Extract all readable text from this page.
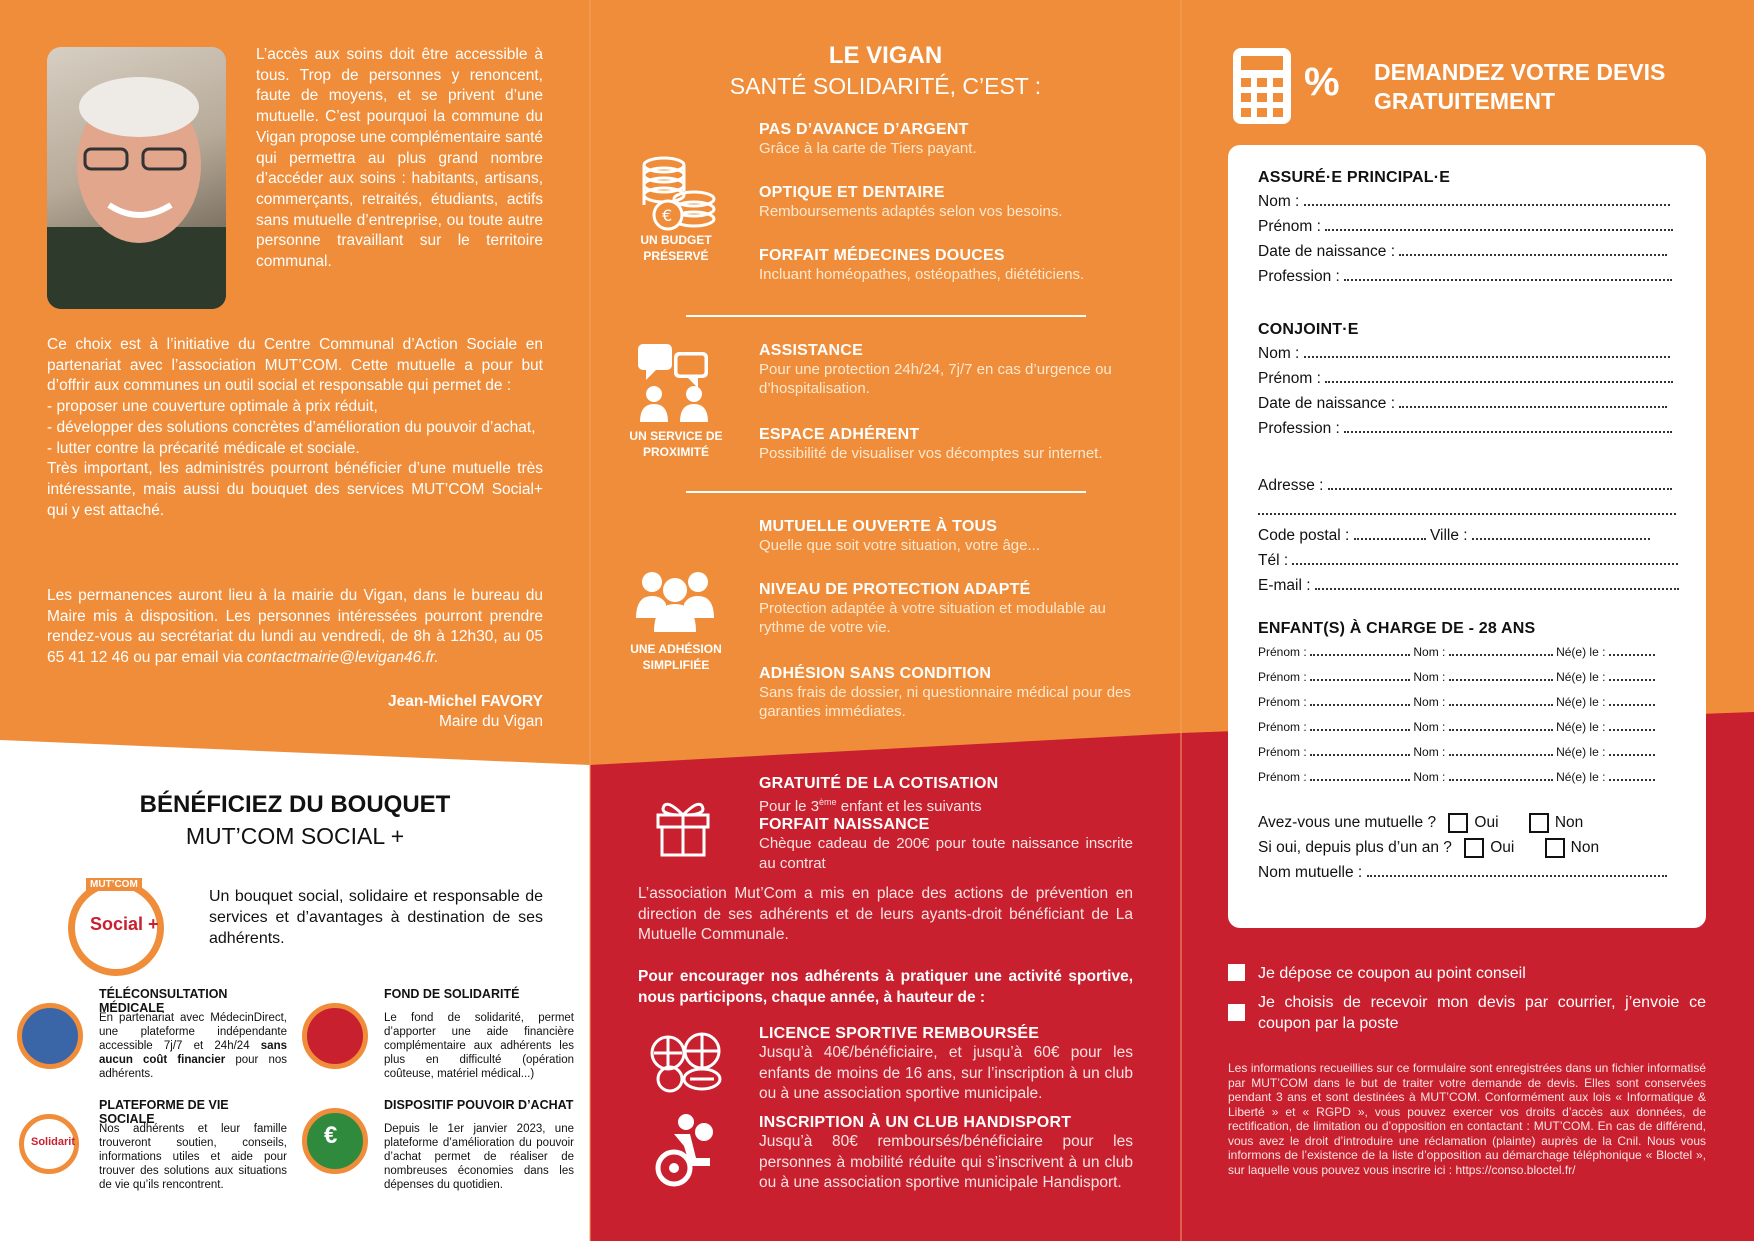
L’accès aux soins doit être accessible à tous. Trop de personnes y renoncent, faute de moyens, et se privent d’une mutuelle. C’est pourquoi la commune du Vigan propose une complémentaire santé qui permettra au plus grand nombre d’accéder aux soins : habitants, artisans, commerçants, retraités, étudiants, actifs sans mutuelle d’entreprise, ou toute autre personne travaillant sur le territoire communal.
Ce choix est à l’initiative du Centre Communal d’Action Sociale en partenariat avec l’association MUT’COM. Cette mutuelle a pour but d’offrir aux communes un outil social et responsable qui permet de :
- proposer une couverture optimale à prix réduit,
- développer des solutions concrètes d’amélioration du pouvoir d’achat,
- lutter contre la précarité médicale et sociale.
Très important, les administrés pourront bénéficier d’une mutuelle très intéressante, mais aussi du bouquet des services MUT’COM Social+ qui y est attaché.
Les permanences auront lieu à la mairie du Vigan, dans le bureau du Maire mis à disposition. Les personnes intéressées pourront prendre rendez-vous au secrétariat du lundi au vendredi, de 8h à 12h30, au 05 65 41 12 46 ou par email via contactmairie@levigan46.fr.
Jean-Michel FAVORY
Maire du Vigan
BÉNÉFICIEZ DU BOUQUET
MUT’COM SOCIAL +
MUT’COM
Social +
Un bouquet social, solidaire et responsable de services et d’avantages à destination de ses adhérents.
TÉLÉCONSULTATION MÉDICALE
En partenariat avec MédecinDirect, une plateforme indépendante accessible 7j/7 et 24h/24 sans aucun coût financier pour nos adhérents.
FOND DE SOLIDARITÉ
Le fond de solidarité, permet d’apporter une aide financière complémentaire aux adhérents les plus en difficulté (opération coûteuse, matériel médical...)
Solidarit
PLATEFORME DE VIE SOCIALE
Nos adhérents et leur famille trouveront soutien, conseils, informations utiles et aide pour trouver des solutions aux situations de vie qu’ils rencontrent.
€
DISPOSITIF POUVOIR D’ACHAT
Depuis le 1er janvier 2023, une plateforme d’amélioration du pouvoir d’achat permet de réaliser de nombreuses économies dans les dépenses du quotidien.
LE VIGAN
SANTÉ SOLIDARITÉ, C’EST :
€
UN BUDGET PRÉSERVÉ
PAS D’AVANCE D’ARGENT
Grâce à la carte de Tiers payant.
OPTIQUE ET DENTAIRE
Remboursements adaptés selon vos besoins.
FORFAIT MÉDECINES DOUCES
Incluant homéopathes, ostéopathes, diététiciens.
UN SERVICE DE PROXIMITÉ
ASSISTANCE
Pour une protection 24h/24, 7j/7 en cas d’urgence ou d’hospitalisation.
ESPACE ADHÉRENT
Possibilité de visualiser vos décomptes sur internet.
UNE ADHÉSION SIMPLIFIÉE
MUTUELLE OUVERTE À TOUS
Quelle que soit votre situation, votre âge...
NIVEAU DE PROTECTION ADAPTÉ
Protection adaptée à votre situation et modulable au rythme de votre vie.
ADHÉSION SANS CONDITION
Sans frais de dossier, ni questionnaire médical pour des garanties immédiates.
GRATUITÉ DE LA COTISATION
Pour le 3ème enfant et les suivants
FORFAIT NAISSANCE
Chèque cadeau de 200€ pour toute naissance inscrite au contrat
L’association Mut’Com a mis en place des actions de prévention en direction de ses adhérents et de leurs ayants-droit bénéficiant de La Mutuelle Communale.
Pour encourager nos adhérents à pratiquer une activité sportive, nous participons, chaque année, à hauteur de :
LICENCE SPORTIVE REMBOURSÉE
Jusqu’à 40€/bénéficiaire, et jusqu’à 60€ pour les enfants de moins de 16 ans, sur l’inscription à un club ou à une association sportive municipale.
INSCRIPTION À UN CLUB HANDISPORT
Jusqu’à 80€ remboursés/bénéficiaire pour les personnes à mobilité réduite qui s’inscrivent à un club ou à une association sportive municipale Handisport.
% DEMANDEZ VOTRE DEVIS
GRATUITEMENT
ASSURÉ·E PRINCIPAL·E
Nom :
Prénom :
Date de naissance :
Profession :
CONJOINT·E
Nom :
Prénom :
Date de naissance :
Profession :
Adresse :
Code postal :	Ville :
Tél :
E-mail :
ENFANT(S) À CHARGE DE - 28 ANS
Prénom :	Nom :	Né(e) le :
Prénom :	Nom :	Né(e) le :
Prénom :	Nom :	Né(e) le :
Prénom :	Nom :	Né(e) le :
Prénom :	Nom :	Né(e) le :
Prénom :	Nom :	Né(e) le :
Avez-vous une mutuelle ? Oui	Non
Si oui, depuis plus d’un an ? Oui	Non
Nom mutuelle :
Je dépose ce coupon au point conseil
Je choisis de recevoir mon devis par courrier, j’envoie ce coupon par la poste
Les informations recueillies sur ce formulaire sont enregistrées dans un fichier informatisé par MUT’COM dans le but de traiter votre demande de devis. Elles sont conservées pendant 3 ans et sont destinées à MUT’COM. Conformément aux lois « Informatique & Liberté » et « RGPD », vous pouvez exercer vos droits d’accès aux données, de rectification, de limitation ou d’opposition en contactant : MUT’COM. En cas de différend, vous avez le droit d’introduire une réclamation (plainte) auprès de la Cnil. Nous vous informons de l’existence de la liste d’opposition au démarchage téléphonique « Bloctel », sur laquelle vous pouvez vous inscrire ici : https://conso.bloctel.fr/
